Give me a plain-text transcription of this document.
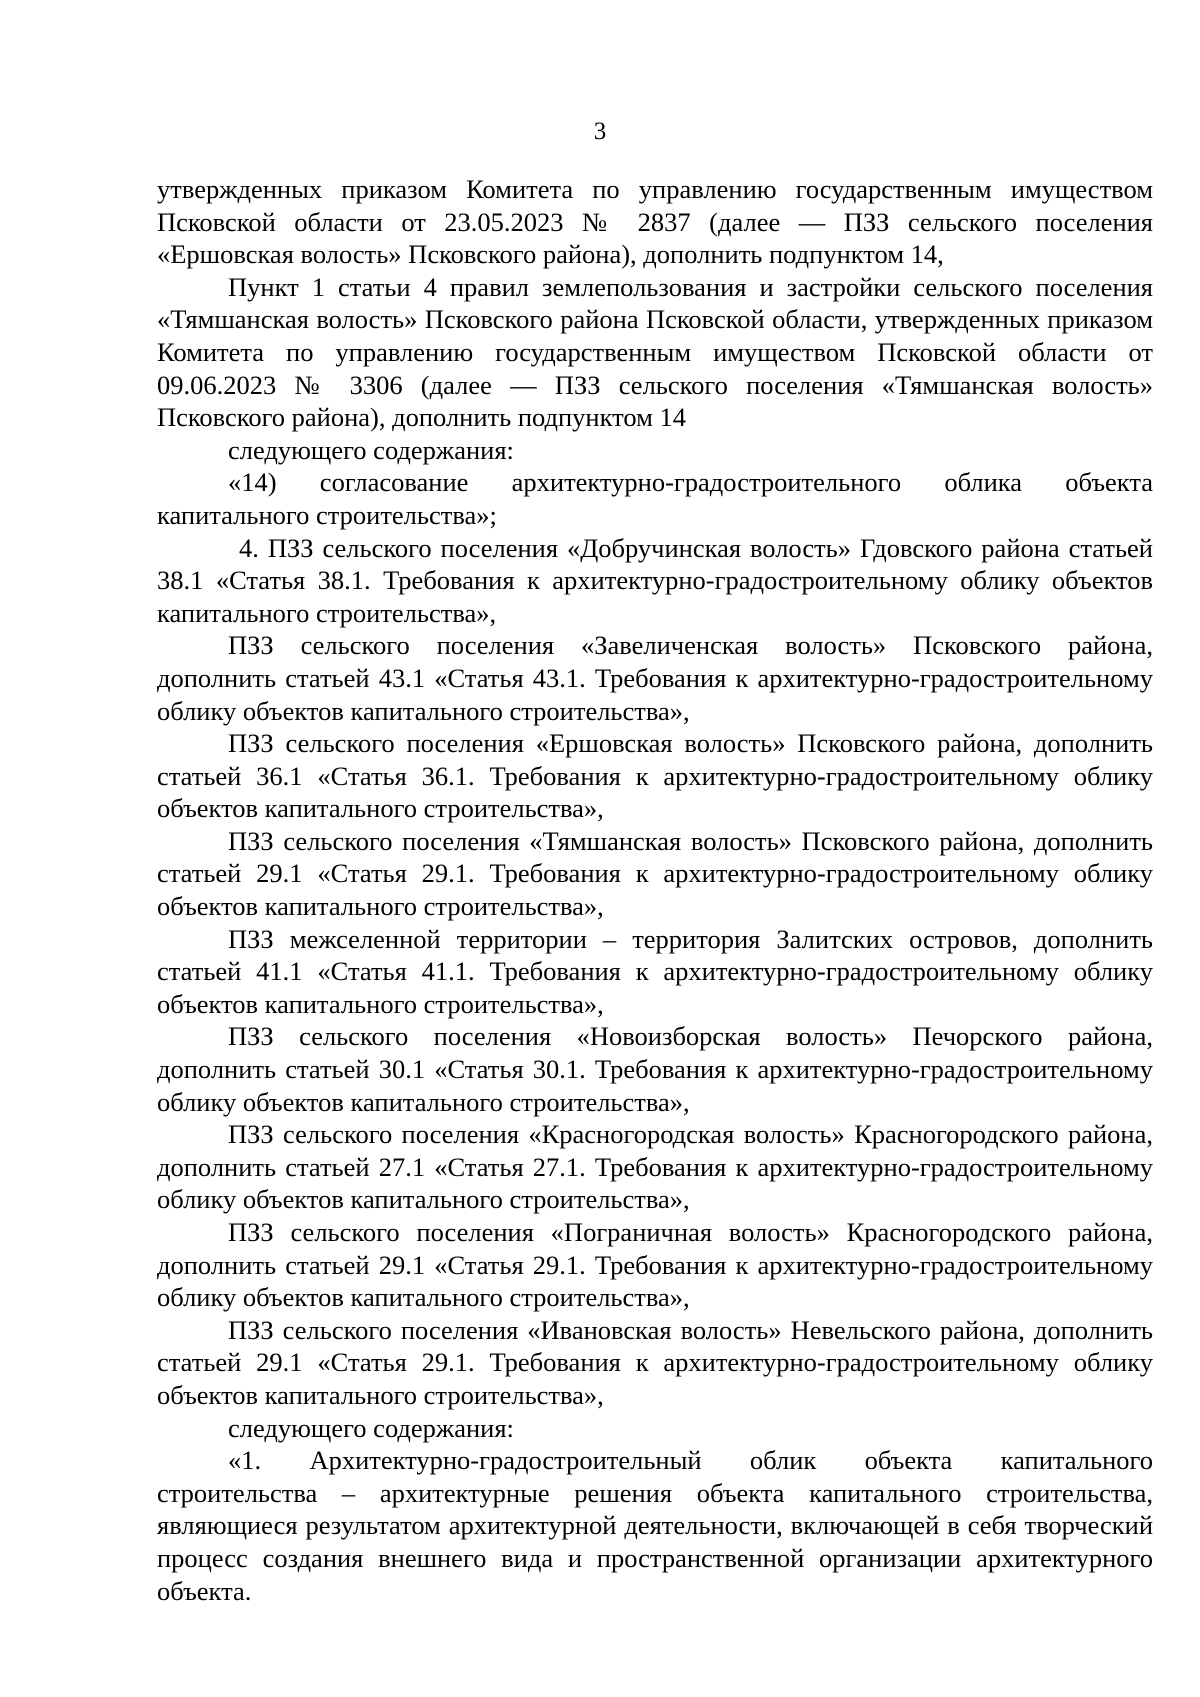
3

утвержденных приказом Комитета по управлению государственным имуществом Псковской области от 23.05.2023 № 2837 (далее — ПЗЗ сельского поселения «Ершовская волость» Псковского района), дополнить подпунктом 14,

Пункт 1 статьи 4 правил землепользования и застройки сельского поселения «Тямшанская волость» Псковского района Псковской области, утвержденных приказом Комитета по управлению государственным имуществом Псковской области от 09.06.2023 № 3306 (далее — ПЗЗ сельского поселения «Тямшанская волость» Псковского района), дополнить подпунктом 14

следующего содержания:

«14) согласование архитектурно-градостроительного облика объекта капитального строительства»;

4. ПЗЗ сельского поселения «Добручинская волость» Гдовского района статьей 38.1 «Статья 38.1. Требования к архитектурно-градостроительному облику объектов капитального строительства»,

ПЗЗ сельского поселения «Завеличенская волость» Псковского района, дополнить статьей 43.1 «Статья 43.1. Требования к архитектурно-градостроительному облику объектов капитального строительства»,

ПЗЗ сельского поселения «Ершовская волость» Псковского района, дополнить статьей 36.1 «Статья 36.1. Требования к архитектурно-градостроительному облику объектов капитального строительства»,

ПЗЗ сельского поселения «Тямшанская волость» Псковского района, дополнить статьей 29.1 «Статья 29.1. Требования к архитектурно-градостроительному облику объектов капитального строительства»,

ПЗЗ межселенной территории – территория Залитских островов, дополнить статьей 41.1 «Статья 41.1. Требования к архитектурно-градостроительному облику объектов капитального строительства»,

ПЗЗ сельского поселения «Новоизборская волость» Печорского района, дополнить статьей 30.1 «Статья 30.1. Требования к архитектурно-градостроительному облику объектов капитального строительства»,

ПЗЗ сельского поселения «Красногородская волость» Красногородского района, дополнить статьей 27.1 «Статья 27.1. Требования к архитектурно-градостроительному облику объектов капитального строительства»,

ПЗЗ сельского поселения «Пограничная волость» Красногородского района, дополнить статьей 29.1 «Статья 29.1. Требования к архитектурно-градостроительному облику объектов капитального строительства»,

ПЗЗ сельского поселения «Ивановская волость» Невельского района, дополнить статьей 29.1 «Статья 29.1. Требования к архитектурно-градостроительному облику объектов капитального строительства»,

следующего содержания:

«1. Архитектурно-градостроительный облик объекта капитального строительства – архитектурные решения объекта капитального строительства, являющиеся результатом архитектурной деятельности, включающей в себя творческий процесс создания внешнего вида и пространственной организации архитектурного объекта.
